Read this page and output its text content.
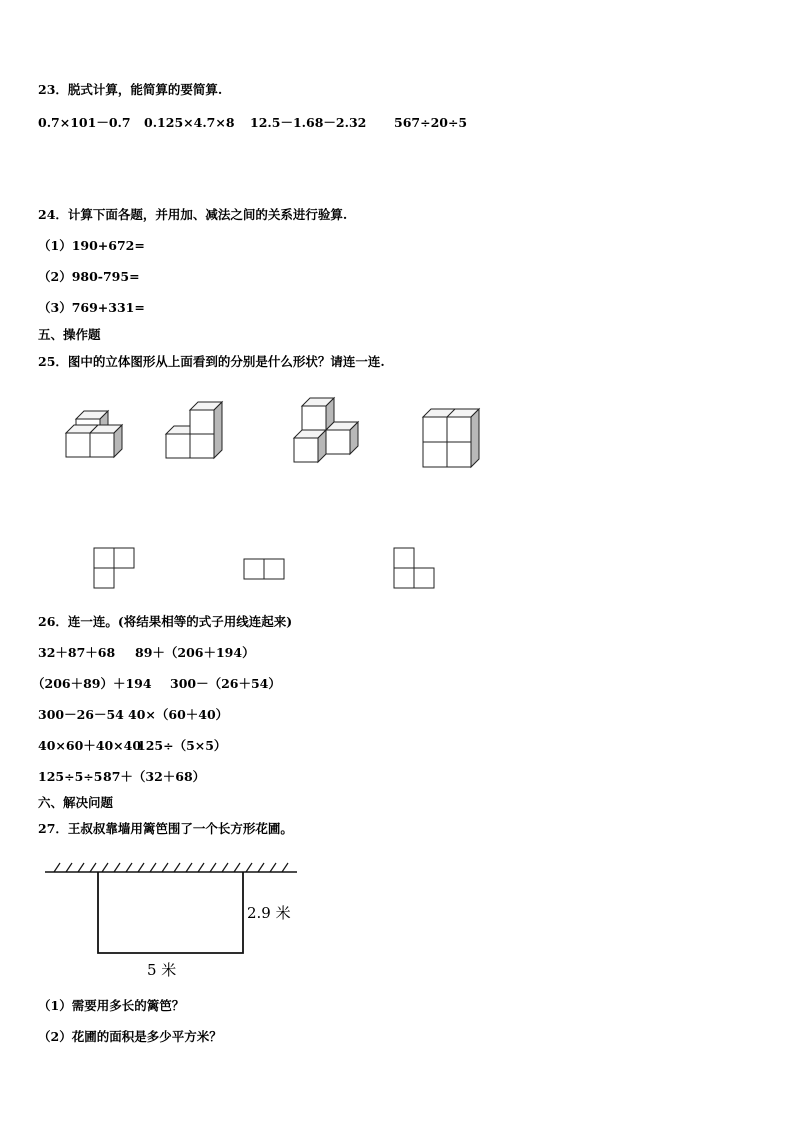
23．脱式计算，能简算的要简算.
0.7×101－0.7 0.125×4.7×8 12.5－1.68－2.32 567÷20÷5
24．计算下面各题，并用加、减法之间的关系进行验算.
（1）190+672=
（2）980-795=
（3）769+331=
五、操作题
25．图中的立体图形从上面看到的分别是什么形状？请连一连.
26．连一连。(将结果相等的式子用线连起来)
32＋87＋68 89＋（206＋194）
（206＋89）＋194 300－（26＋54）
300－26－54 40×（60＋40）
40×60＋40×40
125÷（5×5）
125÷5÷5 87＋（32＋68）
六、解决问题
27．王叔叔靠墙用篱笆围了一个长方形花圃。
5 米
2.9 米
（1）需要用多长的篱笆？
（2）花圃的面积是多少平方米？
